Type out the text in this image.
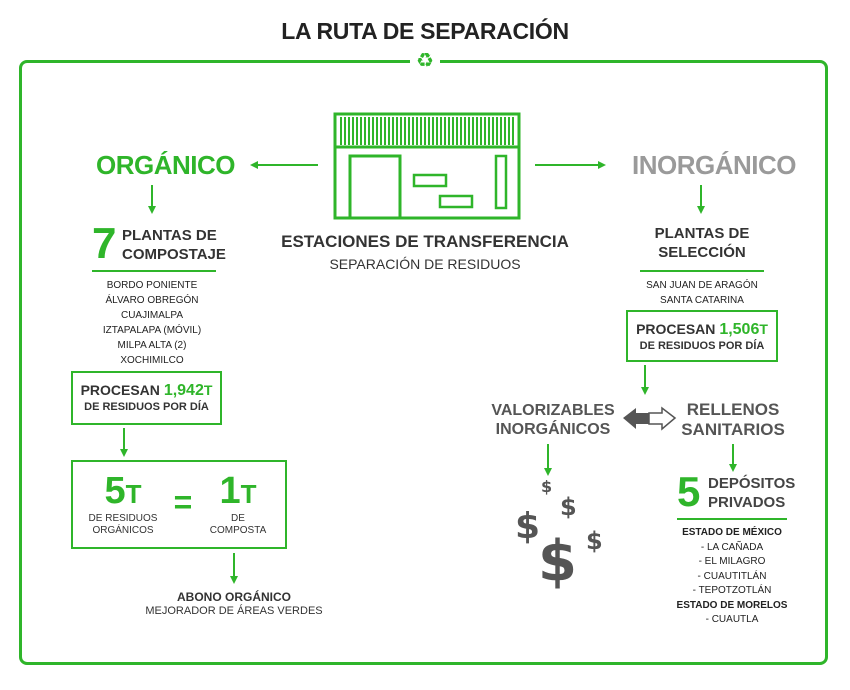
LA RUTA DE SEPARACIÓN
♻
ESTACIONES DE TRANSFERENCIA
SEPARACIÓN DE RESIDUOS
ORGÁNICO
7 PLANTAS DE
COMPOSTAJE
BORDO PONIENTE
ÁLVARO OBREGÓN
CUAJIMALPA
IZTAPALAPA (MÓVIL)
MILPA ALTA (2)
XOCHIMILCO
PROCESAN 1,942T
DE RESIDUOS POR DÍA
5T
DE RESIDUOS
ORGÁNICOS
= 1T
DE
COMPOSTA
ABONO ORGÁNICO
MEJORADOR DE ÁREAS VERDES
INORGÁNICO
PLANTAS DE
SELECCIÓN
SAN JUAN DE ARAGÓN
SANTA CATARINA
PROCESAN 1,506T
DE RESIDUOS POR DÍA
VALORIZABLES
INORGÁNICOS
RELLENOS
SANITARIOS
$
$
$ $
$
5 DEPÓSITOS
PRIVADOS
ESTADO DE MÉXICO
- LA CAÑADA
- EL MILAGRO
- CUAUTITLÁN
- TEPOTZOTLÁN
ESTADO DE MORELOS
- CUAUTLA
